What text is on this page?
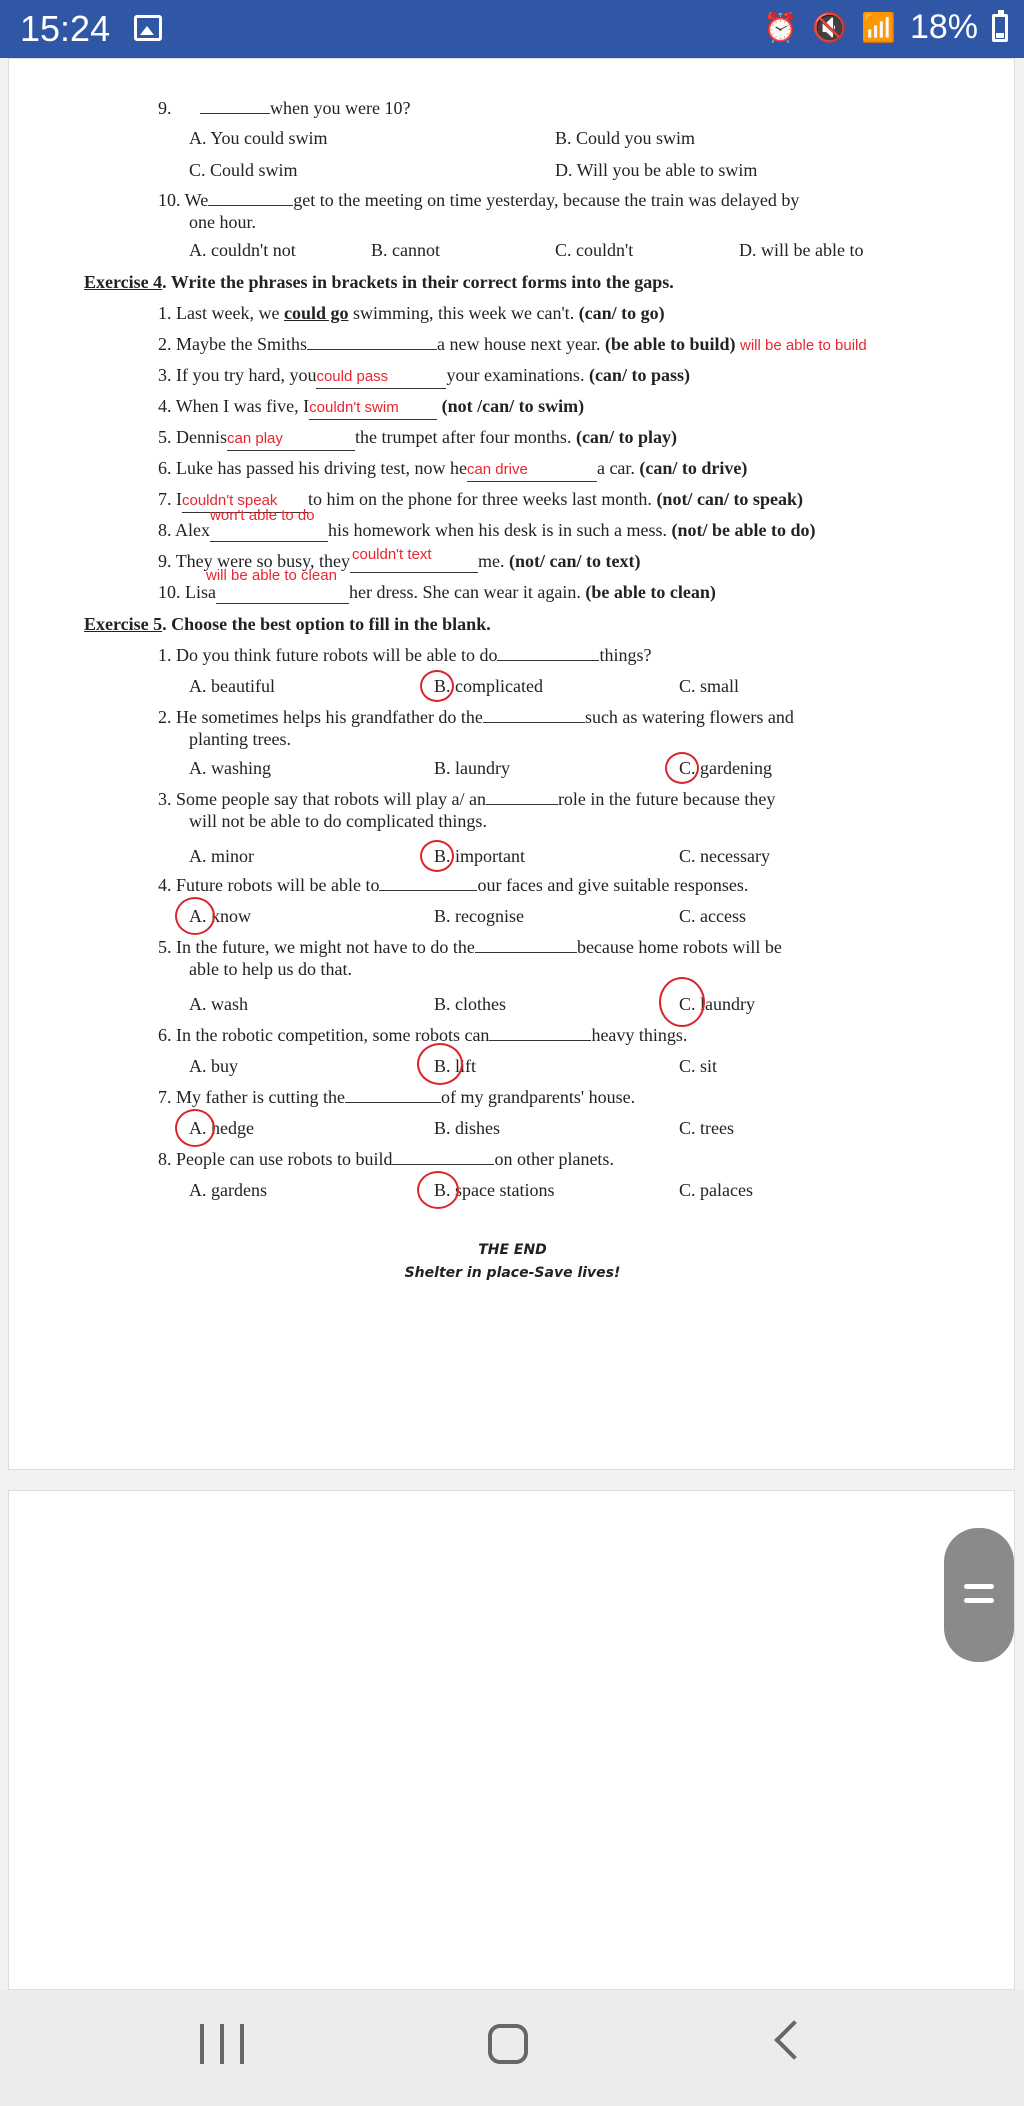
15:24	⏰ 🔇 📶 18%
9.	when you were 10?
A. You could swim	B. Could you swim
C. Could swim	D. Will you be able to swim
10. We	get to the meeting on time yesterday, because the train was delayed by
one hour.
A. couldn't not	B. cannot	C. couldn't	D. will be able to
Exercise 4. Write the phrases in brackets in their correct forms into the gaps.
1. Last week, we could go swimming, this week we can't. (can/ to go)
2. Maybe the Smiths	a new house next year. (be able to build) will be able to build
3. If you try hard, youcould pass	your examinations. (can/ to pass)
4. When I was five, Icouldn't swim (not /can/ to swim)
5. Denniscan play	the trumpet after four months. (can/ to play)
6. Luke has passed his driving test, now hecan drive	a car. (can/ to drive)
7. Icouldn't speak to him on the phone for three weeks last month. (not/ can/ to speak)
8. Alex
won't able to do
his homework when his desk is in such a mess. (not/ be able to do)
9. They were so busy, they couldn't text	me. (not/ can/ to text)
10. Lisa
will be able to clean
her dress. She can wear it again. (be able to clean)
Exercise 5. Choose the best option to fill in the blank.
1. Do you think future robots will be able to do	things?
A. beautiful	B. complicated	C. small
2. He sometimes helps his grandfather do the	such as watering flowers and
planting trees.
A. washing	B. laundry	C. gardening
3. Some people say that robots will play a/ an	role in the future because they
will not be able to do complicated things.
A. minor	B. important	C. necessary
4. Future robots will be able to	our faces and give suitable responses.
A. know	B. recognise	C. access
5. In the future, we might not have to do the	because home robots will be
able to help us do that.
A. wash	B. clothes	C. laundry
6. In the robotic competition, some robots can	heavy things.
A. buy	B. lift	C. sit
7. My father is cutting the	of my grandparents' house.
A. hedge	B. dishes	C. trees
8. People can use robots to build	on other planets.
A. gardens	B. space stations	C. palaces
THE END
Shelter in place-Save lives!
